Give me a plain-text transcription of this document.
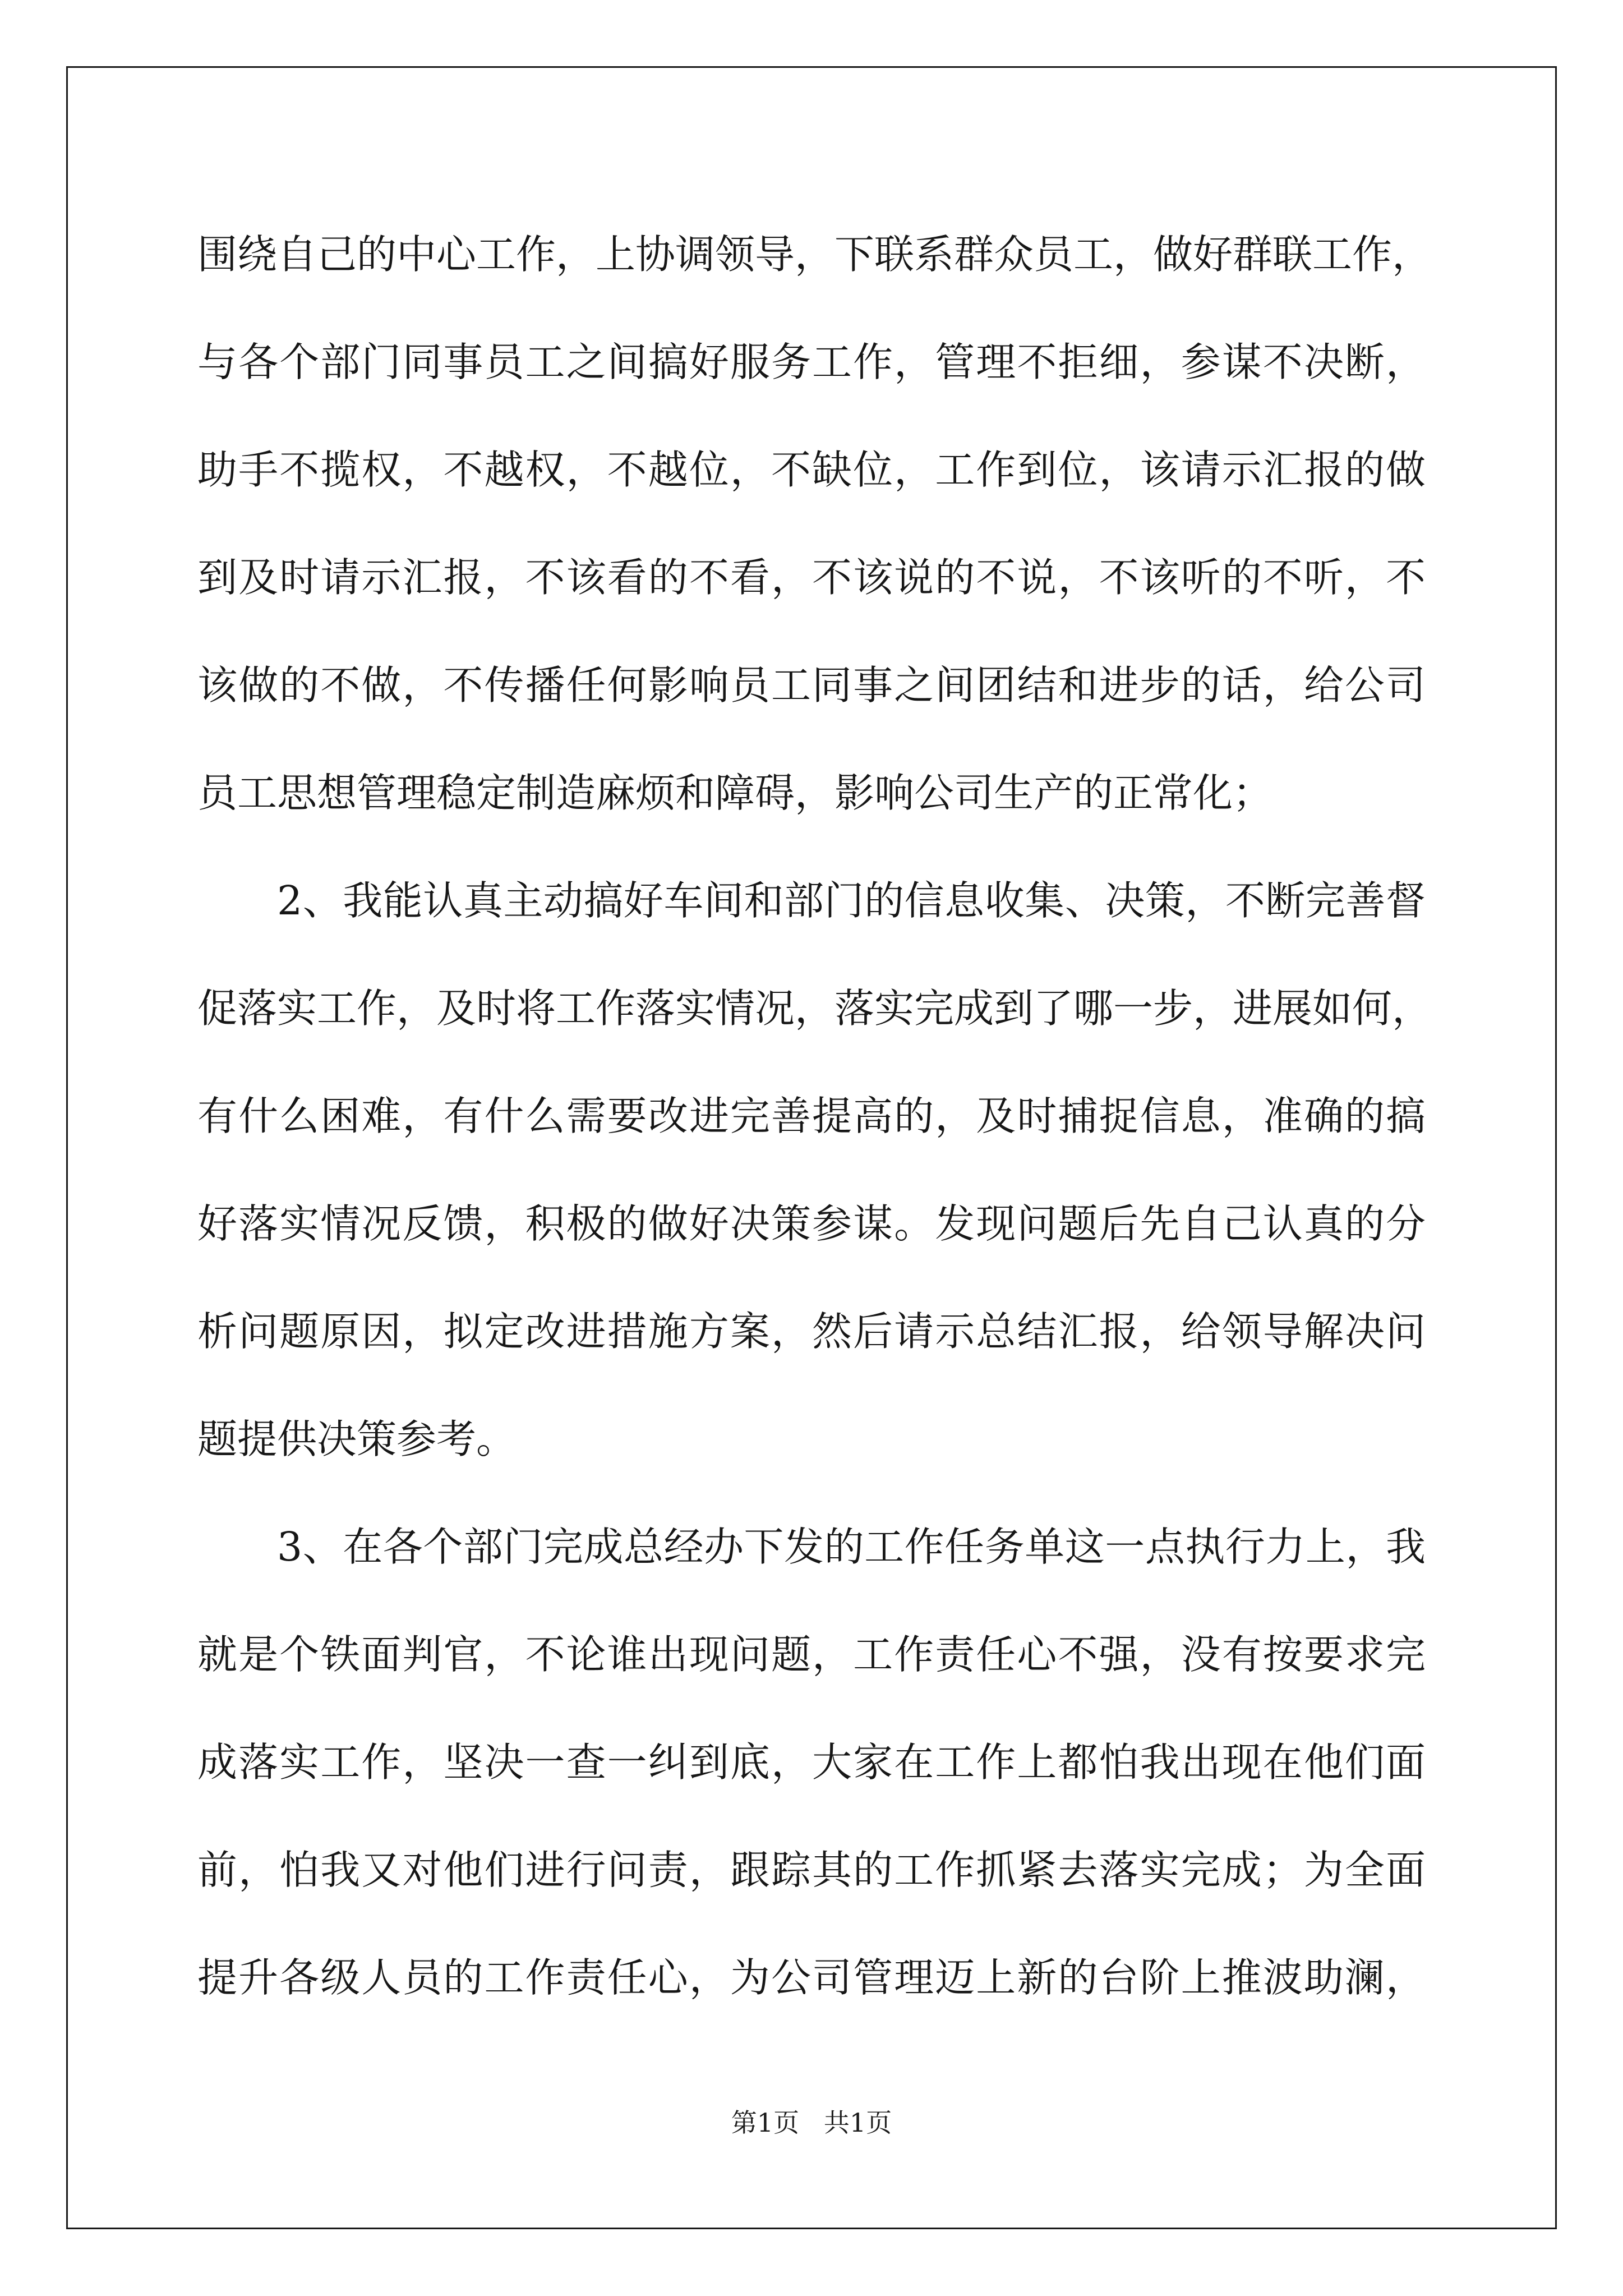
围绕自己的中心工作，上协调领导，下联系群众员工，做好群联工作，
与各个部门同事员工之间搞好服务工作，管理不拒细，参谋不决断，
助手不揽权，不越权，不越位，不缺位，工作到位，该请示汇报的做
到及时请示汇报，不该看的不看，不该说的不说，不该听的不听，不
该做的不做，不传播任何影响员工同事之间团结和进步的话，给公司
员工思想管理稳定制造麻烦和障碍，影响公司生产的正常化；
2、我能认真主动搞好车间和部门的信息收集、决策，不断完善督
促落实工作，及时将工作落实情况，落实完成到了哪一步，进展如何，
有什么困难，有什么需要改进完善提高的，及时捕捉信息，准确的搞
好落实情况反馈，积极的做好决策参谋。发现问题后先自己认真的分
析问题原因，拟定改进措施方案，然后请示总结汇报，给领导解决问
题提供决策参考。
3、在各个部门完成总经办下发的工作任务单这一点执行力上，我
就是个铁面判官，不论谁出现问题，工作责任心不强，没有按要求完
成落实工作，坚决一查一纠到底，大家在工作上都怕我出现在他们面
前，怕我又对他们进行问责，跟踪其的工作抓紧去落实完成；为全面
提升各级人员的工作责任心，为公司管理迈上新的台阶上推波助澜，
第1页   共1页
